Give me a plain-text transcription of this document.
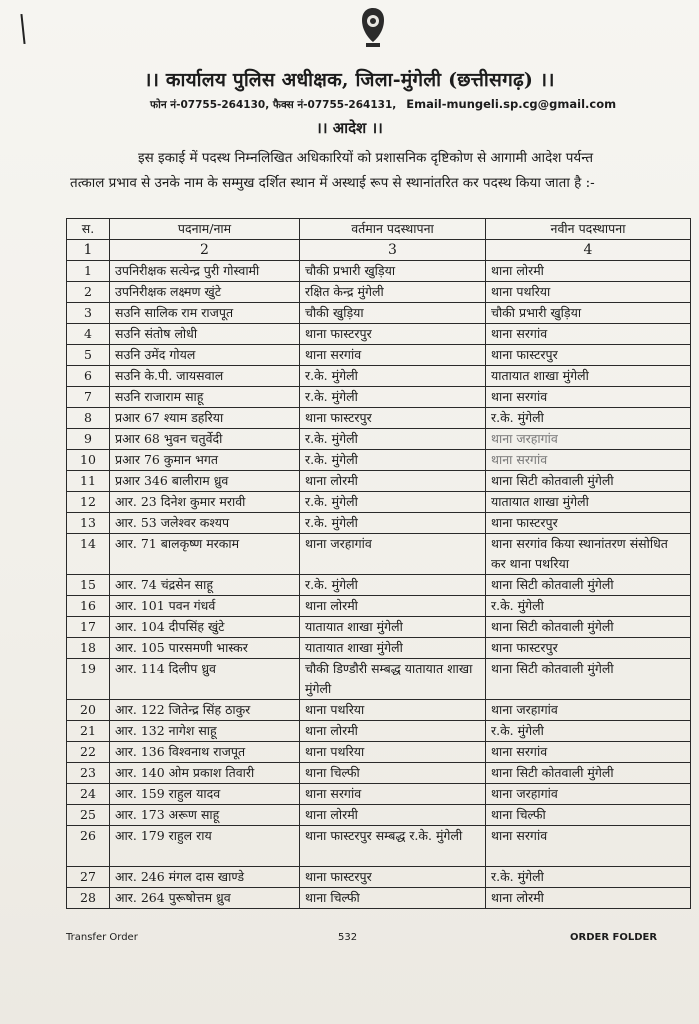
।। कार्यालय पुलिस अधीक्षक, जिला-मुंगेली (छत्तीसगढ़) ।।
फोन नं-07755-264130, फैक्स नं-07755-264131, Email-mungeli.sp.cg@gmail.com
।। आदेश ।।
इस इकाई में पदस्थ निम्नलिखित अधिकारियों को प्रशासनिक दृष्टिकोण से आगामी आदेश पर्यन्त
तत्काल प्रभाव से उनके नाम के सम्मुख दर्शित स्थान में अस्थाई रूप से स्थानांतरित कर पदस्थ किया जाता है :-
स.	पदनाम/नाम	वर्तमान पदस्थापना	नवीन पदस्थापना
1	2	3	4
1	उपनिरीक्षक सत्येन्द्र पुरी गोस्वामी	चौकी प्रभारी खुड़िया	थाना लोरमी
2	उपनिरीक्षक लक्ष्मण खुंटे	रक्षित केन्द्र मुंगेली	थाना पथरिया
3	सउनि सालिक राम राजपूत	चौकी खुड़िया	चौकी प्रभारी खुड़िया
4	सउनि संतोष लोधी	थाना फास्टरपुर	थाना सरगांव
5	सउनि उमेंद गोयल	थाना सरगांव	थाना फास्टरपुर
6	सउनि के.पी. जायसवाल	र.के. मुंगेली	यातायात शाखा मुंगेली
7	सउनि राजाराम साहू	र.के. मुंगेली	थाना सरगांव
8	प्रआर 67 श्याम डहरिया	थाना फास्टरपुर	र.के. मुंगेली
9	प्रआर 68 भुवन चतुर्वेदी	र.के. मुंगेली	थाना जरहागांव
10	प्रआर 76 कुमान भगत	र.के. मुंगेली	थाना सरगांव
11	प्रआर 346 बालीराम ध्रुव	थाना लोरमी	थाना सिटी कोतवाली मुंगेली
12	आर. 23 दिनेश कुमार मरावी	र.के. मुंगेली	यातायात शाखा मुंगेली
13	आर. 53 जलेश्वर कश्यप	र.के. मुंगेली	थाना फास्टरपुर
14	आर. 71 बालकृष्ण मरकाम	थाना जरहागांव	थाना सरगांव किया स्थानांतरण संसोधित कर थाना पथरिया
15	आर. 74 चंद्रसेन साहू	र.के. मुंगेली	थाना सिटी कोतवाली मुंगेली
16	आर. 101 पवन गंधर्व	थाना लोरमी	र.के. मुंगेली
17	आर. 104 दीपसिंह खुंटे	यातायात शाखा मुंगेली	थाना सिटी कोतवाली मुंगेली
18	आर. 105 पारसमणी भास्कर	यातायात शाखा मुंगेली	थाना फास्टरपुर
19	आर. 114 दिलीप ध्रुव	चौकी डिण्डौरी सम्बद्ध यातायात शाखा मुंगेली	थाना सिटी कोतवाली मुंगेली
20	आर. 122 जितेन्द्र सिंह ठाकुर	थाना पथरिया	थाना जरहागांव
21	आर. 132 नागेश साहू	थाना लोरमी	र.के. मुंगेली
22	आर. 136 विश्वनाथ राजपूत	थाना पथरिया	थाना सरगांव
23	आर. 140 ओम प्रकाश तिवारी	थाना चिल्फी	थाना सिटी कोतवाली मुंगेली
24	आर. 159 राहुल यादव	थाना सरगांव	थाना जरहागांव
25	आर. 173 अरूण साहू	थाना लोरमी	थाना चिल्फी
26	आर. 179 राहुल राय	थाना फास्टरपुर सम्बद्ध र.के. मुंगेली	थाना सरगांव
27	आर. 246 मंगल दास खाण्डे	थाना फास्टरपुर	र.के. मुंगेली
28	आर. 264 पुरूषोत्तम ध्रुव	थाना चिल्फी	थाना लोरमी
Transfer Order	532	ORDER FOLDER
